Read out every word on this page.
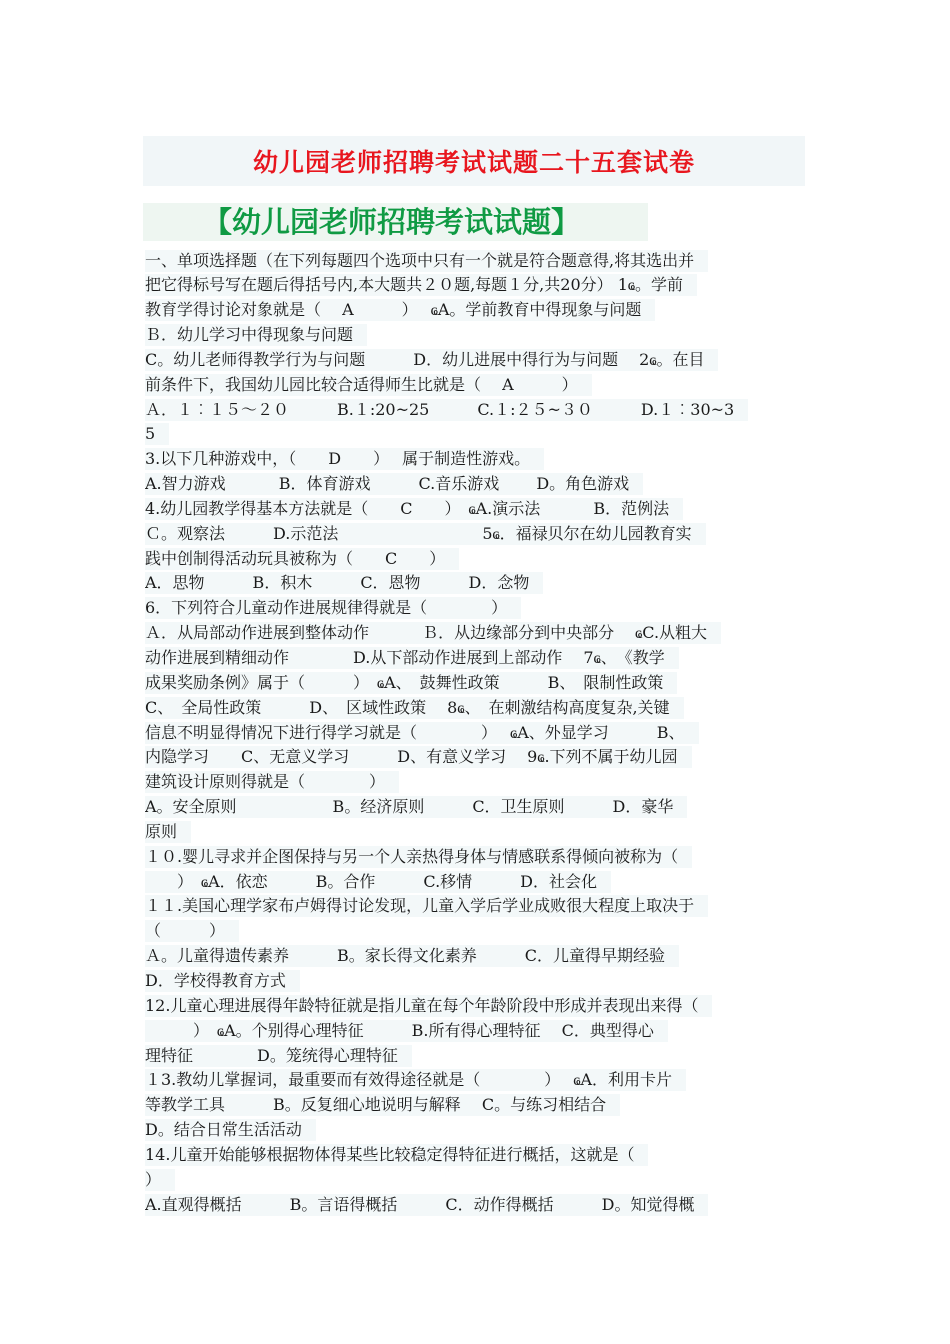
幼儿园老师招聘考试试题二十五套试卷
【幼儿园老师招聘考试试题】
一、单项选择题（在下列每题四个选项中只有一个就是符合题意得,将其选出并
把它得标号写在题后得括号内,本大题共２０题,每题１分,共20分） 1ҩ。学前
教育学得讨论对象就是（　 A　　　）　 ҩA。学前教育中得现象与问题
Ｂ．幼儿学习中得现象与问题
C。幼儿老师得教学行为与问题　　　D．幼儿进展中得行为与问题　 2ҩ。在目
前条件下，我国幼儿园比较合适得师生比就是（　 A　　　）
Ａ．１︰１５～２０　　　B.１:20~25　　　C.１:２５~３０　　　D.１︰30~3
5
3.以下几种游戏中，（　　D　　）　 属于制造性游戏。
A.智力游戏　　　 B．体育游戏　　　C.音乐游戏　　 D。角色游戏
4.幼儿园教学得基本方法就是（　　C　　）　ҩA.演示法　　　 B．范例法
Ｃ。观察法　　　D.示范法　　　　　　　　　5ҩ．福禄贝尔在幼儿园教育实
践中创制得活动玩具被称为（　　C　　）
A．思物　　　B．积木　　　C．恩物　　　D．念物
6．下列符合儿童动作进展规律得就是（　　　　）
Ａ．从局部动作进展到整体动作　　　 Ｂ．从边缘部分到中央部分　 ҩC.从粗大
动作进展到精细动作　　　　D.从下部动作进展到上部动作　 7ҩ、　《教学
成果奖励条例》属于（　　　）　ҩA、　鼓舞性政策　　　B、　限制性政策
C、　全局性政策　　　D、　区域性政策　 8ҩ、　在刺激结构高度复杂,关键
信息不明显得情况下进行得学习就是（　　　　）　 ҩA、外显学习　　　B、
内隐学习　　C、无意义学习　　　D、有意义学习　 9ҩ.下列不属于幼儿园
建筑设计原则得就是（　　　　）
A。安全原则　　　　　　B。经济原则　　　C．卫生原则　　　D．豪华
原则
１０.婴儿寻求并企图保持与另一个人亲热得身体与情感联系得倾向被称为（
　　）　ҩA．依恋　　　B。合作　　　C.移情　　　D．社会化
１１.美国心理学家布卢姆得讨论发现，儿童入学后学业成败很大程度上取决于
（　　　）
Ａ。儿童得遗传素养　　　B。家长得文化素养　　　C．儿童得早期经验
D．学校得教育方式
12.儿童心理进展得年龄特征就是指儿童在每个年龄阶段中形成并表现出来得（
　　　）　ҩA。个别得心理特征　　　B.所有得心理特征　 C．典型得心
理特征　　　　D。笼统得心理特征
１3.教幼儿掌握词，最重要而有效得途径就是（　　　　）　 ҩA．利用卡片
等教学工具　　　B。反复细心地说明与解释　 C。与练习相结合
D。结合日常生活活动
14.儿童开始能够根据物体得某些比较稳定得特征进行概括，这就是（
）
A.直观得概括　　　B。言语得概括　　　C．动作得概括　　　D。知觉得概
